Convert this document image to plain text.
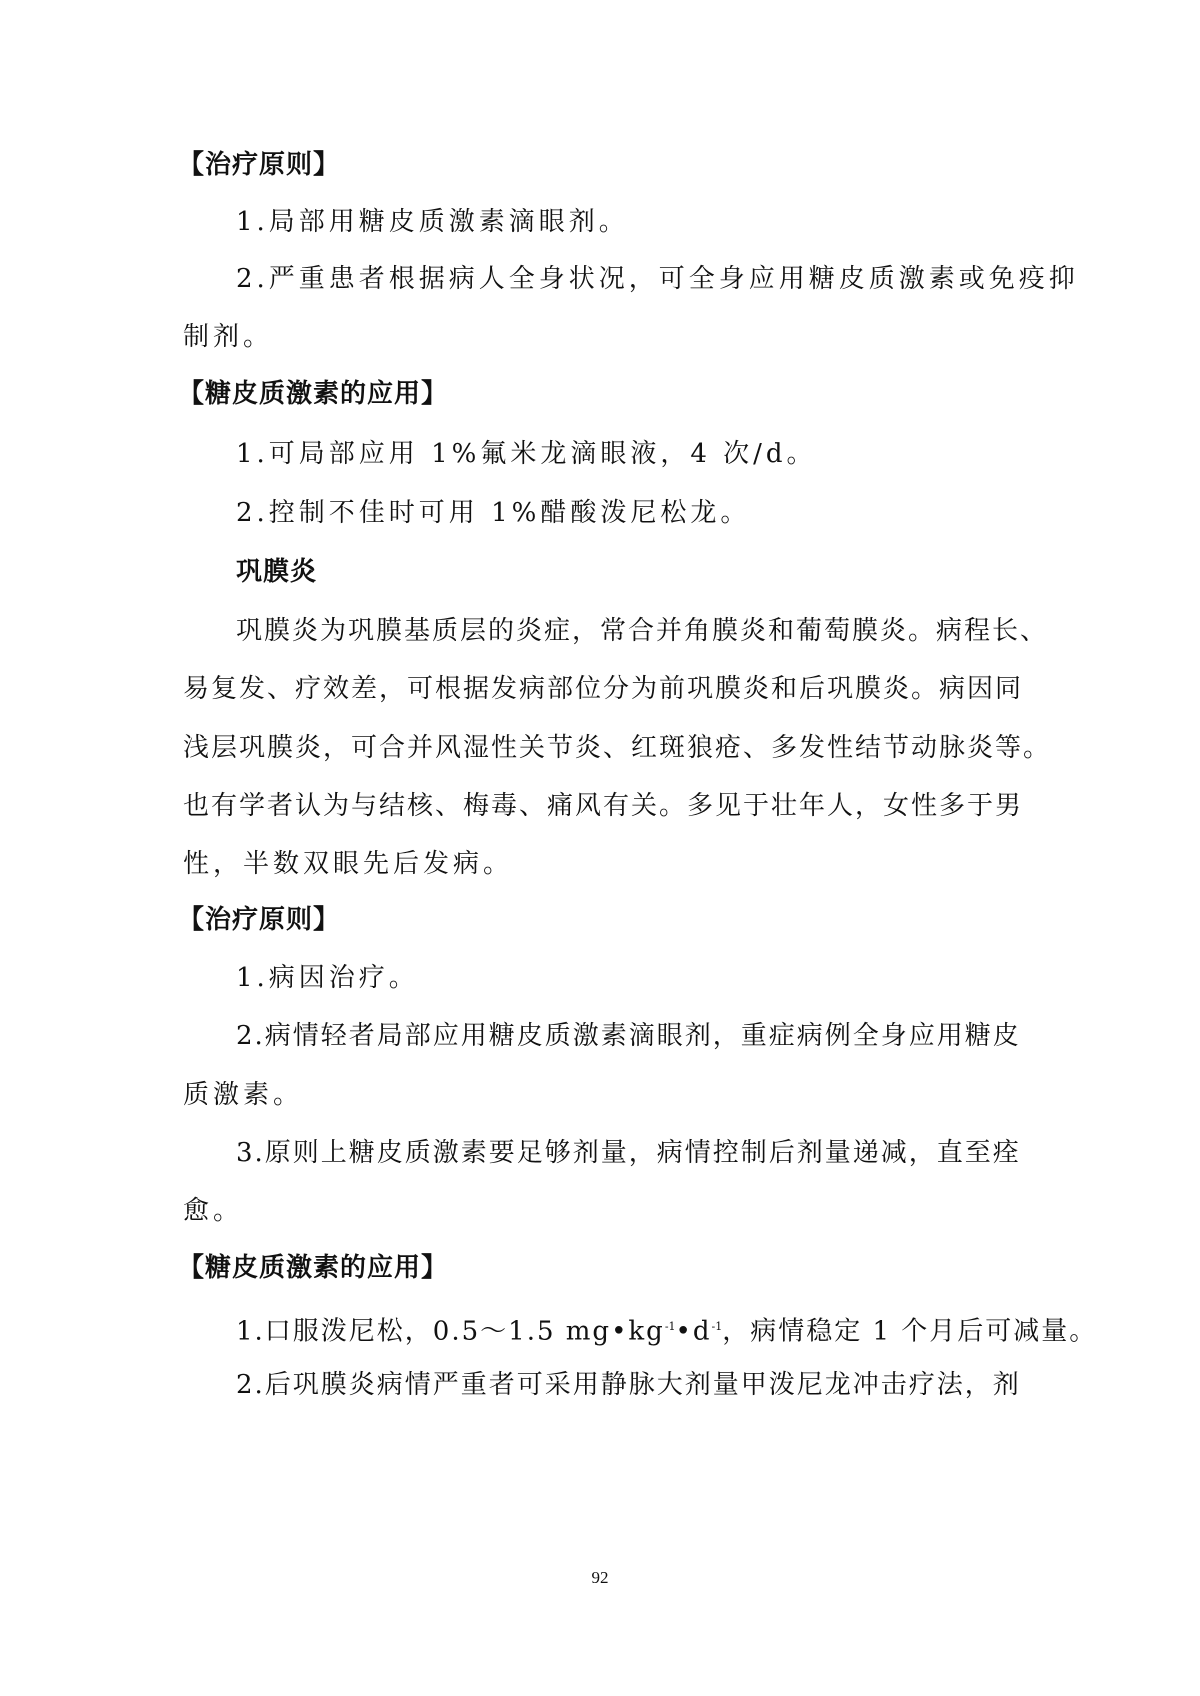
【治疗原则】
1.局部用糖皮质激素滴眼剂。
2.严重患者根据病人全身状况，可全身应用糖皮质激素或免疫抑
制剂。
【糖皮质激素的应用】
1.可局部应用 1%氟米龙滴眼液，4 次/d。
2.控制不佳时可用 1%醋酸泼尼松龙。
巩膜炎
巩膜炎为巩膜基质层的炎症，常合并角膜炎和葡萄膜炎。病程长、
易复发、疗效差，可根据发病部位分为前巩膜炎和后巩膜炎。病因同
浅层巩膜炎，可合并风湿性关节炎、红斑狼疮、多发性结节动脉炎等。
也有学者认为与结核、梅毒、痛风有关。多见于壮年人，女性多于男
性，半数双眼先后发病。
【治疗原则】
1.病因治疗。
2.病情轻者局部应用糖皮质激素滴眼剂，重症病例全身应用糖皮
质激素。
3.原则上糖皮质激素要足够剂量，病情控制后剂量递减，直至痊
愈。
【糖皮质激素的应用】
1.口服泼尼松，0.5～1.5 $mg•kg^{-1}•d^{-1}$，病情稳定 1 个月后可减量。
2.后巩膜炎病情严重者可采用静脉大剂量甲泼尼龙冲击疗法，剂
92
